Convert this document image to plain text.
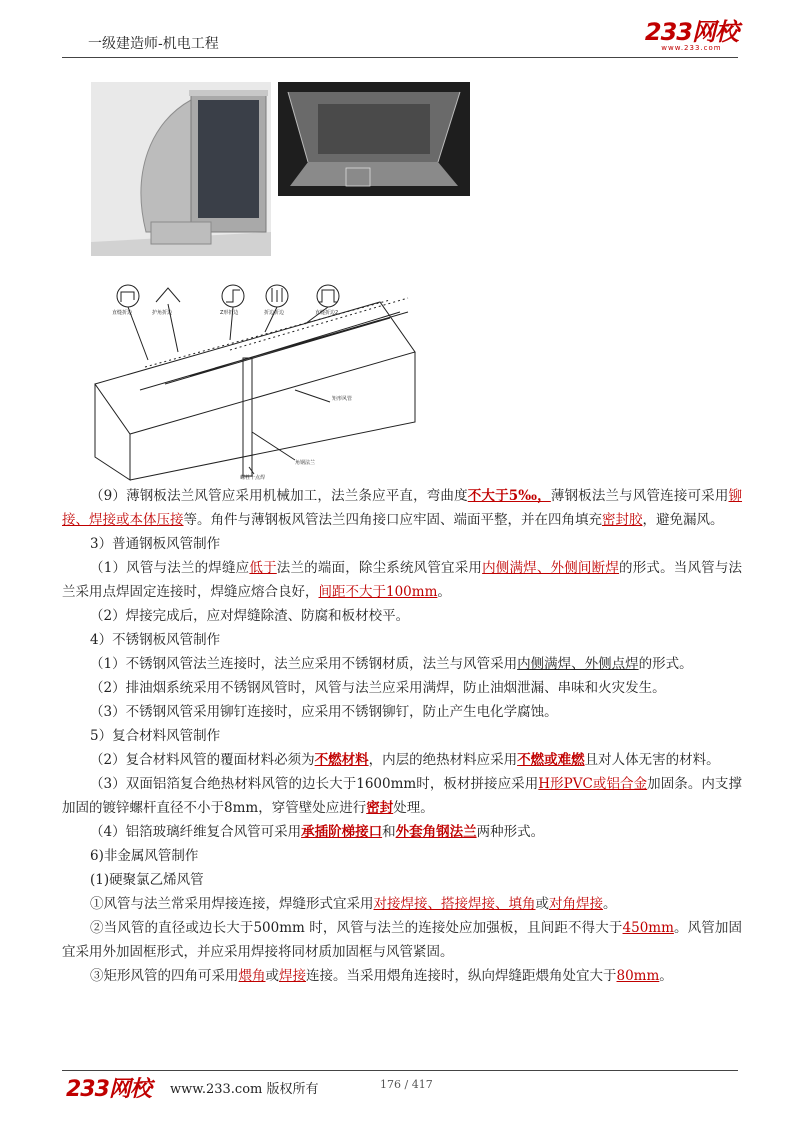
一级建造师-机电工程	233网校
www.233.com
直缝折边	护角折边	Z形折边	折边折边	直缝折边2
矩形风管
角钢法兰
螺栓十点焊

（9）薄钢板法兰风管应采用机械加工，法兰条应平直，弯曲度不大于5‰，薄钢板法兰与风管连接可采用铆接、焊接或本体压接等。角件与薄钢板风管法兰四角接口应牢固、端面平整，并在四角填充密封胶，避免漏风。

3）普通钢板风管制作

（1）风管与法兰的焊缝应低于法兰的端面，除尘系统风管宜采用内侧满焊、外侧间断焊的形式。当风管与法兰采用点焊固定连接时，焊缝应熔合良好，间距不大于100mm。

（2）焊接完成后，应对焊缝除渣、防腐和板材校平。

4）不锈钢板风管制作

（1）不锈钢风管法兰连接时，法兰应采用不锈钢材质，法兰与风管采用内侧满焊、外侧点焊的形式。

（2）排油烟系统采用不锈钢风管时，风管与法兰应采用满焊，防止油烟泄漏、串味和火灾发生。

（3）不锈钢风管采用铆钉连接时，应采用不锈钢铆钉，防止产生电化学腐蚀。

5）复合材料风管制作

（2）复合材料风管的覆面材料必须为不燃材料，内层的绝热材料应采用不燃或难燃且对人体无害的材料。

（3）双面铝箔复合绝热材料风管的边长大于1600mm时，板材拼接应采用H形PVC或铝合金加固条。内支撑加固的镀锌螺杆直径不小于8mm，穿管壁处应进行密封处理。

（4）铝箔玻璃纤维复合风管可采用承插阶梯接口和外套角钢法兰两种形式。

6)非金属风管制作

(1)硬聚氯乙烯风管

①风管与法兰常采用焊接连接，焊缝形式宜采用对接焊接、搭接焊接、填角或对角焊接。

②当风管的直径或边长大于500mm 时，风管与法兰的连接处应加强板，且间距不得大于450mm。风管加固宜采用外加固框形式，并应采用焊接将同材质加固框与风管紧固。

③矩形风管的四角可采用煨角或焊接连接。当采用煨角连接时，纵向焊缝距煨角处宜大于80mm。

233网校 www.233.com 版权所有	176 / 417
